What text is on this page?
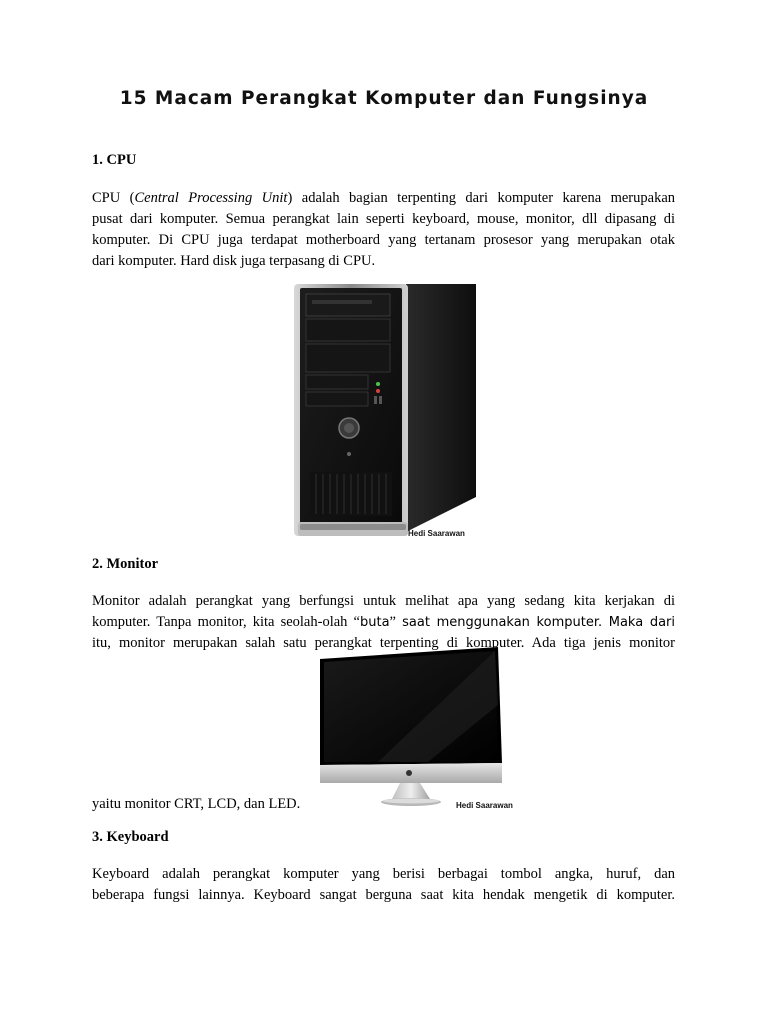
15 Macam Perangkat Komputer dan Fungsinya
1. CPU
CPU (Central Processing Unit) adalah bagian terpenting dari komputer karena merupakan
pusat dari komputer. Semua perangkat lain seperti keyboard, mouse, monitor, dll dipasang di
komputer. Di CPU juga terdapat motherboard yang tertanam prosesor yang merupakan otak
dari komputer. Hard disk juga terpasang di CPU.
Hedi Saarawan
2. Monitor
Monitor adalah perangkat yang berfungsi untuk melihat apa yang sedang kita kerjakan di
komputer. Tanpa monitor, kita seolah-olah “buta” saat menggunakan komputer. Maka dari
itu, monitor merupakan salah satu perangkat terpenting di komputer. Ada tiga jenis monitor
Hedi Saarawan
yaitu monitor CRT, LCD, dan LED.
3. Keyboard
Keyboard adalah perangkat komputer yang berisi berbagai tombol angka, huruf, dan
beberapa fungsi lainnya. Keyboard sangat berguna saat kita hendak mengetik di komputer.
